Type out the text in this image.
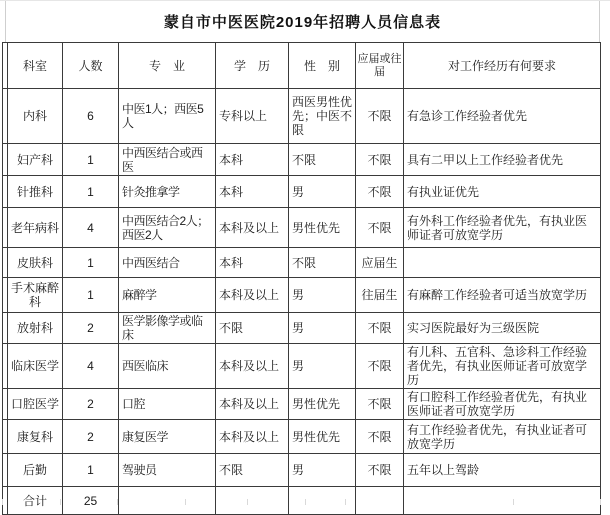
蒙自市中医医院2019年招聘人员信息表
	科室	人数	专　业	学　历	性　别	应届或往届	对工作经历有何要求
	内科	6	中医1人；西医5人	专科以上	西医男性优先；中医不限	不限	有急诊工作经验者优先
	妇产科	1	中西医结合或西医	本科	不限	不限	具有二甲以上工作经验者优先
	针推科	1	针灸推拿学	本科	男	不限	有执业证优先
	老年病科	4	中西医结合2人；西医2人	本科及以上	男性优先	不限	有外科工作经验者优先，有执业医师证者可放宽学历
	皮肤科	1	中西医结合	本科	不限	应届生	
	手术麻醉科	1	麻醉学	本科及以上	男	往届生	有麻醉工作经验者可适当放宽学历
	放射科	2	医学影像学或临床	不限	男	不限	实习医院最好为三级医院
	临床医学	4	西医临床	本科及以上	男	不限	有儿科、五官科、急诊科工作经验者优先，有执业医师证者可放宽学历
	口腔医学	2	口腔	本科及以上	男性优先	不限	有口腔科工作经验者优先，有执业医师证者可放宽学历
	康复科	2	康复医学	本科及以上	男性优先	不限	有工作经验者优先，有执业证者可放宽学历
	后勤	1	驾驶员	不限	男	不限	五年以上驾龄
	合计	25					
